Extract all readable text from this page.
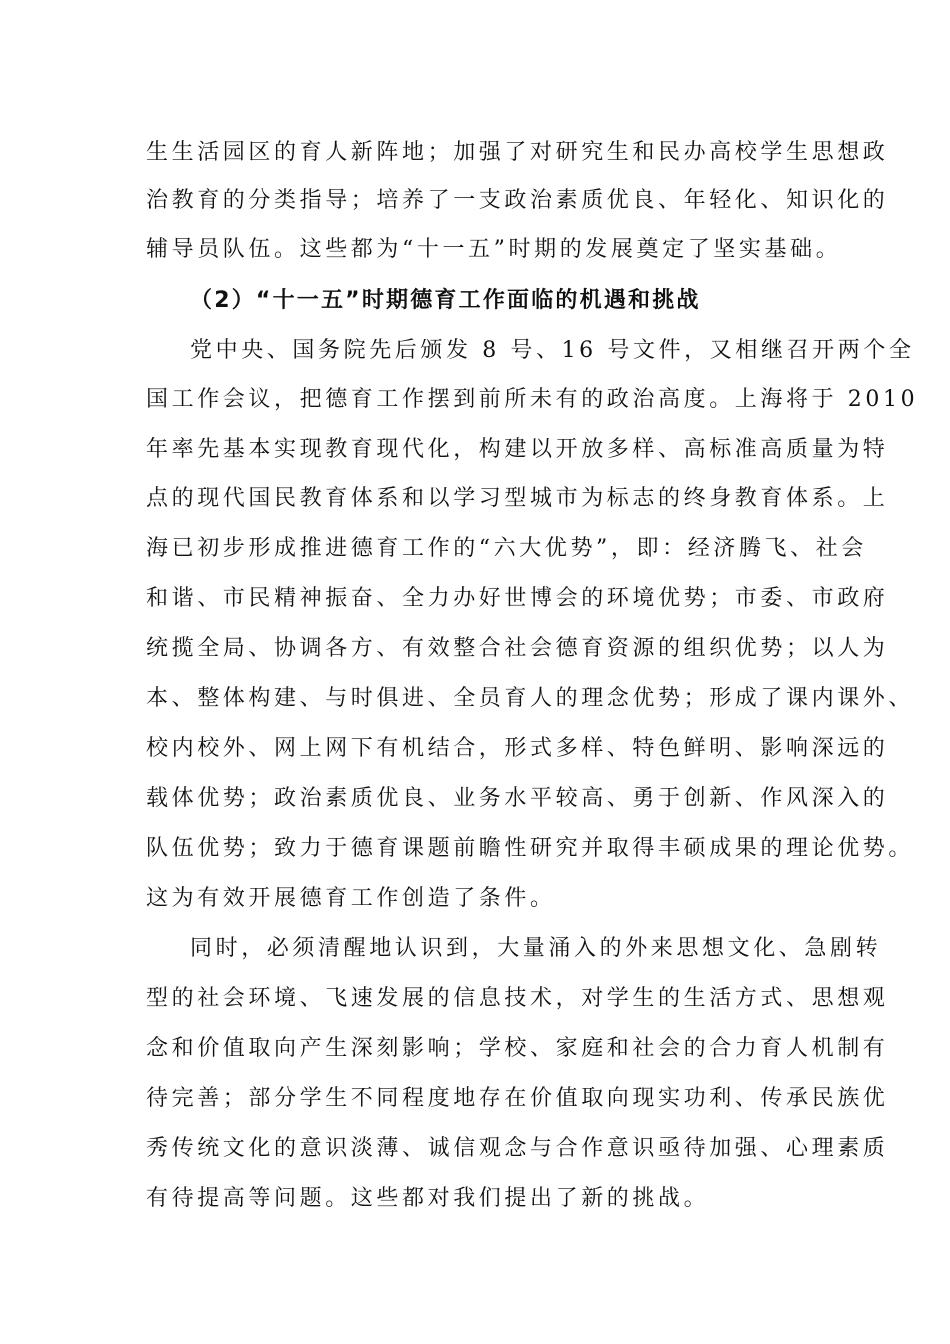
生生活园区的育人新阵地；加强了对研究生和民办高校学生思想政
治教育的分类指导；培养了一支政治素质优良、年轻化、知识化的
辅导员队伍。这些都为“十一五”时期的发展奠定了坚实基础。
（2）“十一五”时期德育工作面临的机遇和挑战
党中央、国务院先后颁发 8 号、16 号文件，又相继召开两个全
国工作会议，把德育工作摆到前所未有的政治高度。上海将于 2010
年率先基本实现教育现代化，构建以开放多样、高标准高质量为特
点的现代国民教育体系和以学习型城市为标志的终身教育体系。上
海已初步形成推进德育工作的“六大优势”，即：经济腾飞、社会
和谐、市民精神振奋、全力办好世博会的环境优势；市委、市政府
统揽全局、协调各方、有效整合社会德育资源的组织优势；以人为
本、整体构建、与时俱进、全员育人的理念优势；形成了课内课外、
校内校外、网上网下有机结合，形式多样、特色鲜明、影响深远的
载体优势；政治素质优良、业务水平较高、勇于创新、作风深入的
队伍优势；致力于德育课题前瞻性研究并取得丰硕成果的理论优势。
这为有效开展德育工作创造了条件。
同时，必须清醒地认识到，大量涌入的外来思想文化、急剧转
型的社会环境、飞速发展的信息技术，对学生的生活方式、思想观
念和价值取向产生深刻影响；学校、家庭和社会的合力育人机制有
待完善；部分学生不同程度地存在价值取向现实功利、传承民族优
秀传统文化的意识淡薄、诚信观念与合作意识亟待加强、心理素质
有待提高等问题。这些都对我们提出了新的挑战。
